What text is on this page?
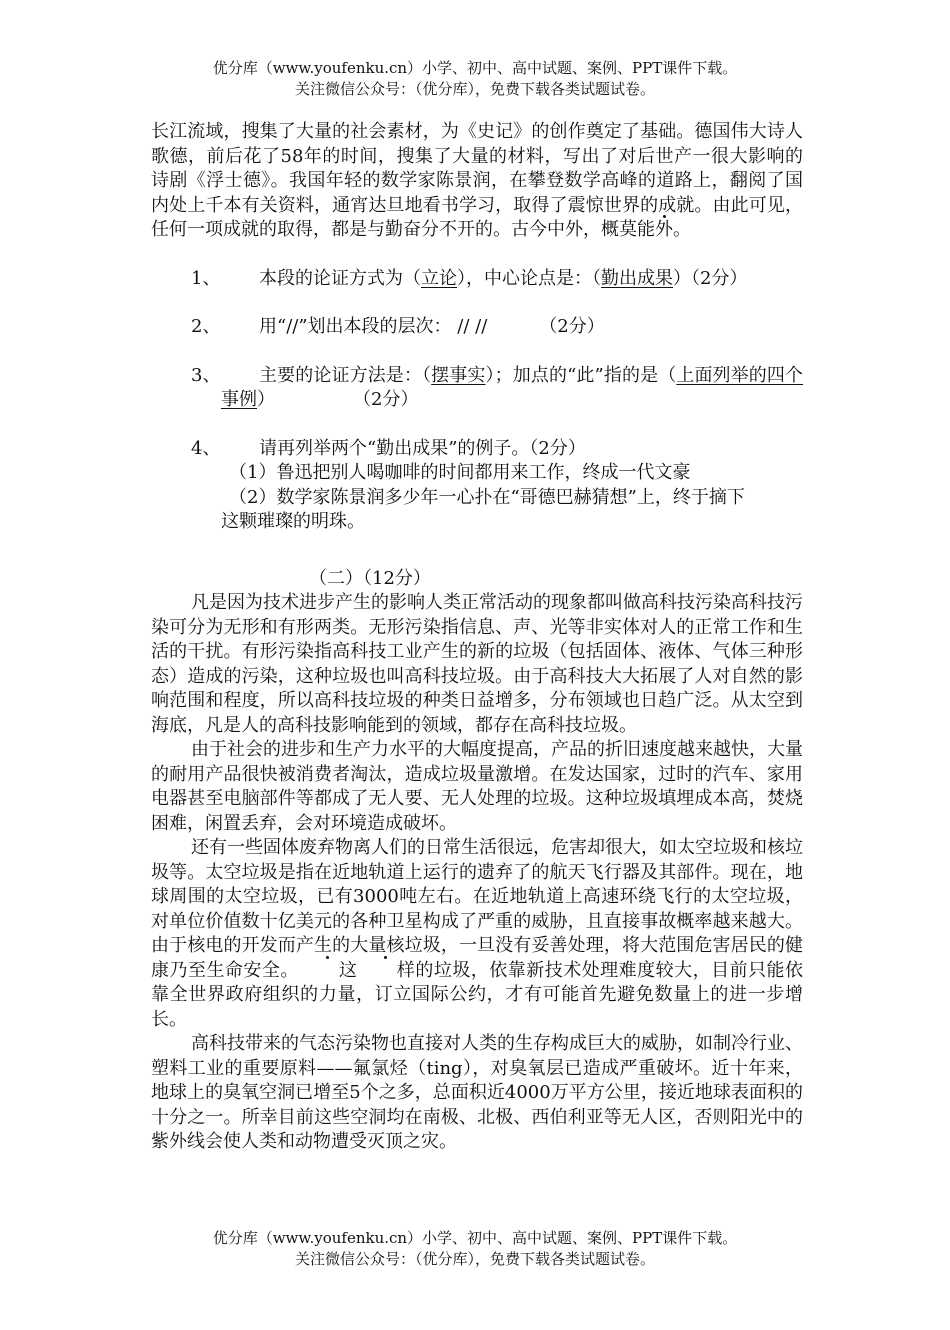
优分库（www.youfenku.cn）小学、初中、高中试题、案例、PPT课件下载。
关注微信公众号：（优分库），免费下载各类试题试卷。

长江流域，搜集了大量的社会素材，为《史记》的创作奠定了基础。德国伟大诗人歌德，前后花了58年的时间，搜集了大量的材料，写出了对后世产一很大影响的诗剧《浮士德》。我国年轻的数学家陈景润，在攀登数学高峰的道路上，翻阅了国内处上千本有关资料，通宵达旦地看书学习，取得了震惊世界的成就。由此可见，任何一项成就的取得，都是与勤奋分不开的。古今中外，概莫能外。

1、	本段的论证方式为（立论），中心论点是：（勤出成果）（2分）
2、	用“//”划出本段的层次： // //	（2分）
3、	主要的论证方法是：（摆事实）；加点的“此”指的是（上面列举的四个事例）	（2分）
4、	请再列举两个“勤出成果”的例子。（2分）

（1）鲁迅把别人喝咖啡的时间都用来工作，终成一代文豪

（2）数学家陈景润多少年一心扑在“哥德巴赫猜想”上，终于摘下

这颗璀璨的明珠。

（二）（12分）

凡是因为技术进步产生的影响人类正常活动的现象都叫做高科技污染高科技污染可分为无形和有形两类。无形污染指信息、声、光等非实体对人的正常工作和生活的干扰。有形污染指高科技工业产生的新的垃圾（包括固体、液体、气体三种形态）造成的污染，这种垃圾也叫高科技垃圾。由于高科技大大拓展了人对自然的影响范围和程度，所以高科技垃圾的种类日益增多，分布领域也日趋广泛。从太空到海底，凡是人的高科技影响能到的领域，都存在高科技垃圾。

由于社会的进步和生产力水平的大幅度提高，产品的折旧速度越来越快，大量的耐用产品很快被消费者淘汰，造成垃圾量激增。在发达国家，过时的汽车、家用电器甚至电脑部件等都成了无人要、无人处理的垃圾。这种垃圾填埋成本高，焚烧困难，闲置丢弃，会对环境造成破坏。

还有一些固体废弃物离人们的日常生活很远，危害却很大，如太空垃圾和核垃圾等。太空垃圾是指在近地轨道上运行的遗弃了的航天飞行器及其部件。现在，地球周围的太空垃圾，已有3000吨左右。在近地轨道上高速环绕飞行的太空垃圾，对单位价值数十亿美元的各种卫星构成了严重的威胁，且直接事故概率越来越大。由于核电的开发而产生的大量核垃圾，一旦没有妥善处理，将大范围危害居民的健康乃至生命安全。 这 样的垃圾，依靠新技术处理难度较大，目前只能依靠全世界政府组织的力量，订立国际公约，才有可能首先避免数量上的进一步增长。

高科技带来的气态污染物也直接对人类的生存构成巨大的威胁，如制冷行业、塑料工业的重要原料——氟氯烃（ting），对臭氧层已造成严重破坏。近十年来，地球上的臭氧空洞已增至5个之多，总面积近4000万平方公里，接近地球表面积的十分之一。所幸目前这些空洞均在南极、北极、西伯利亚等无人区，否则阳光中的紫外线会使人类和动物遭受灭顶之灾。

优分库（www.youfenku.cn）小学、初中、高中试题、案例、PPT课件下载。
关注微信公众号：（优分库），免费下载各类试题试卷。
